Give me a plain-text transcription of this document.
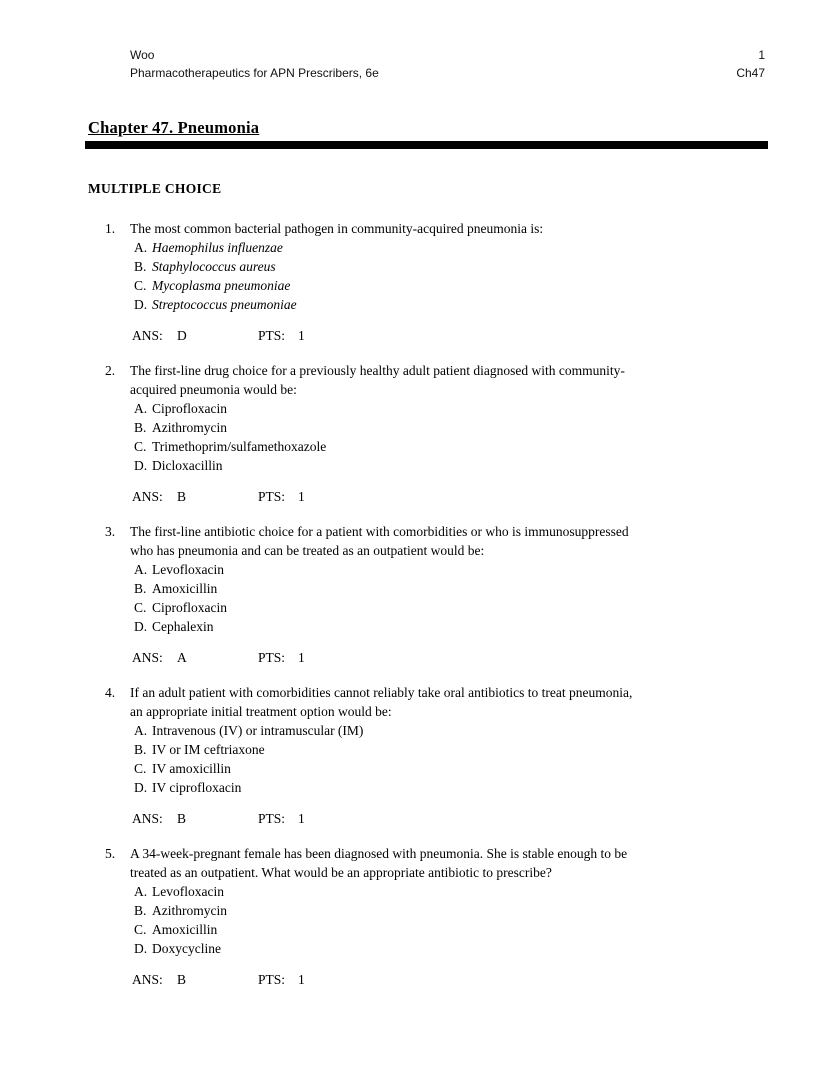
Woo
Pharmacotherapeutics for APN Prescribers, 6e
1
Ch47
Chapter 47. Pneumonia
MULTIPLE CHOICE
1.	The most common bacterial pathogen in community-acquired pneumonia is:
A. Haemophilus influenzae
B. Staphylococcus aureus
C. Mycoplasma pneumoniae
D. Streptococcus pneumoniae
ANS: D	PTS: 1
2.	The first-line drug choice for a previously healthy adult patient diagnosed with community-
acquired pneumonia would be:
A. Ciprofloxacin
B. Azithromycin
C. Trimethoprim/sulfamethoxazole
D. Dicloxacillin
ANS: B	PTS: 1
3.	The first-line antibiotic choice for a patient with comorbidities or who is immunosuppressed
who has pneumonia and can be treated as an outpatient would be:
A. Levofloxacin
B. Amoxicillin
C. Ciprofloxacin
D. Cephalexin
ANS: A	PTS: 1
4.	If an adult patient with comorbidities cannot reliably take oral antibiotics to treat pneumonia,
an appropriate initial treatment option would be:
A. Intravenous (IV) or intramuscular (IM)
B. IV or IM ceftriaxone
C. IV amoxicillin
D. IV ciprofloxacin
ANS: B	PTS: 1
5.	A 34-week-pregnant female has been diagnosed with pneumonia. She is stable enough to be
treated as an outpatient. What would be an appropriate antibiotic to prescribe?
A. Levofloxacin
B. Azithromycin
C. Amoxicillin
D. Doxycycline
ANS: B	PTS: 1
